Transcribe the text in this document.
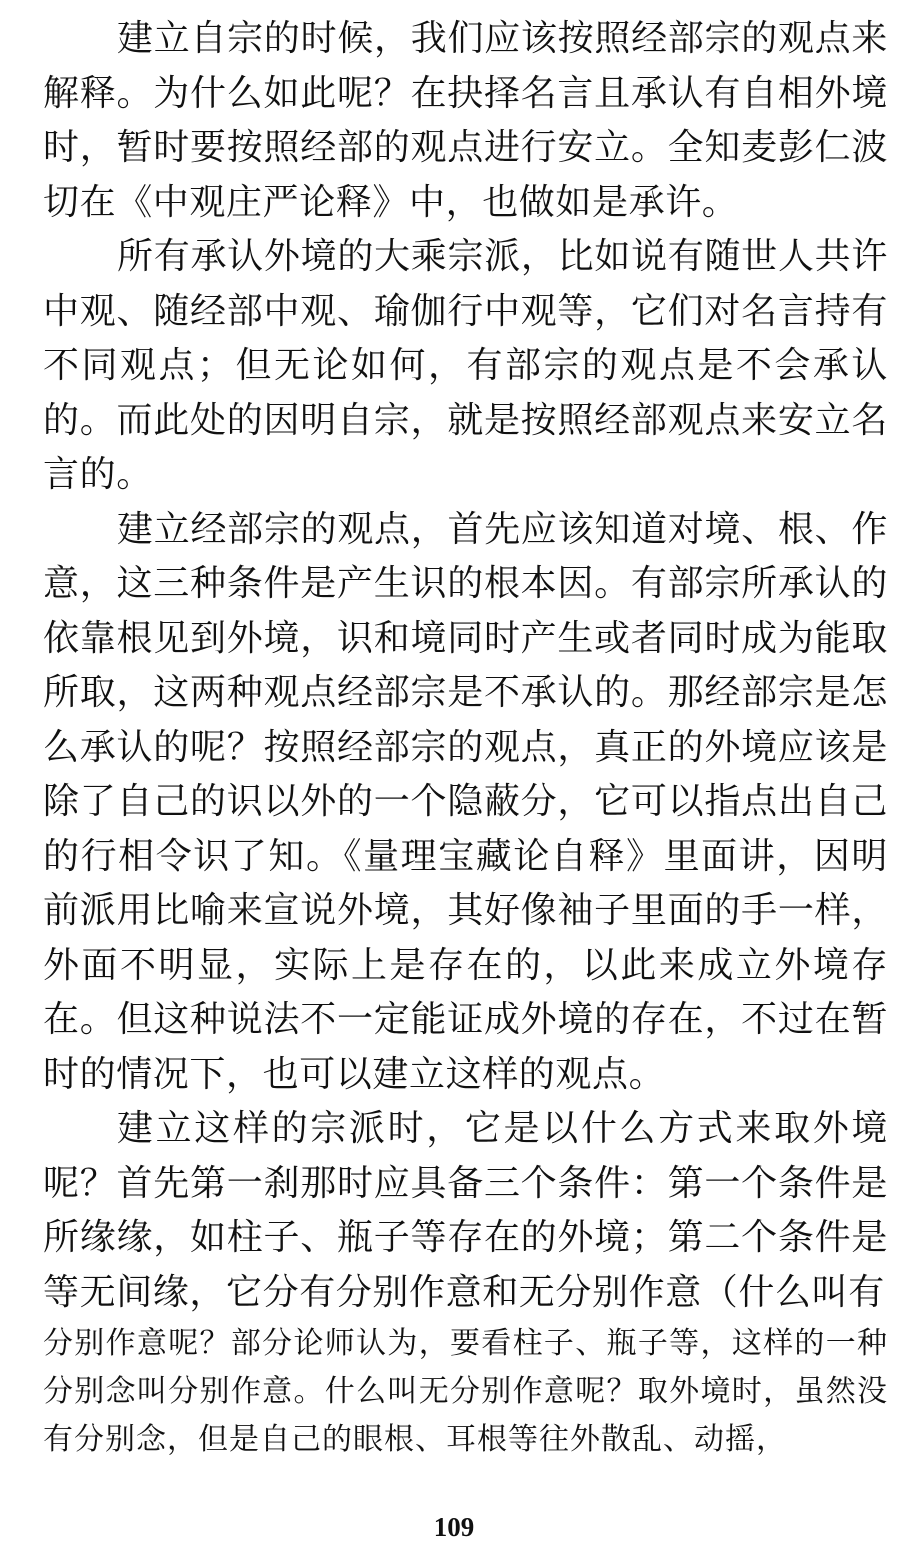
建立自宗的时候，我们应该按照经部宗的观点来解释。为什么如此呢？在抉择名言且承认有自相外境时，暂时要按照经部的观点进行安立。全知麦彭仁波切在《中观庄严论释》中，也做如是承许。

所有承认外境的大乘宗派，比如说有随世人共许中观、随经部中观、瑜伽行中观等，它们对名言持有不同观点；但无论如何，有部宗的观点是不会承认的。而此处的因明自宗，就是按照经部观点来安立名言的。

建立经部宗的观点，首先应该知道对境、根、作意，这三种条件是产生识的根本因。有部宗所承认的依靠根见到外境，识和境同时产生或者同时成为能取所取，这两种观点经部宗是不承认的。那经部宗是怎么承认的呢？按照经部宗的观点，真正的外境应该是除了自己的识以外的一个隐蔽分，它可以指点出自己的行相令识了知。《量理宝藏论自释》里面讲，因明前派用比喻来宣说外境，其好像袖子里面的手一样，外面不明显，实际上是存在的，以此来成立外境存在。但这种说法不一定能证成外境的存在，不过在暂时的情况下，也可以建立这样的观点。

建立这样的宗派时，它是以什么方式来取外境呢？首先第一刹那时应具备三个条件：第一个条件是所缘缘，如柱子、瓶子等存在的外境；第二个条件是等无间缘，它分有分别作意和无分别作意（什么叫有

分别作意呢？部分论师认为，要看柱子、瓶子等，这样的一种分别念叫分别作意。什么叫无分别作意呢？取外境时，虽然没有分别念，但是自己的眼根、耳根等往外散乱、动摇，

109
